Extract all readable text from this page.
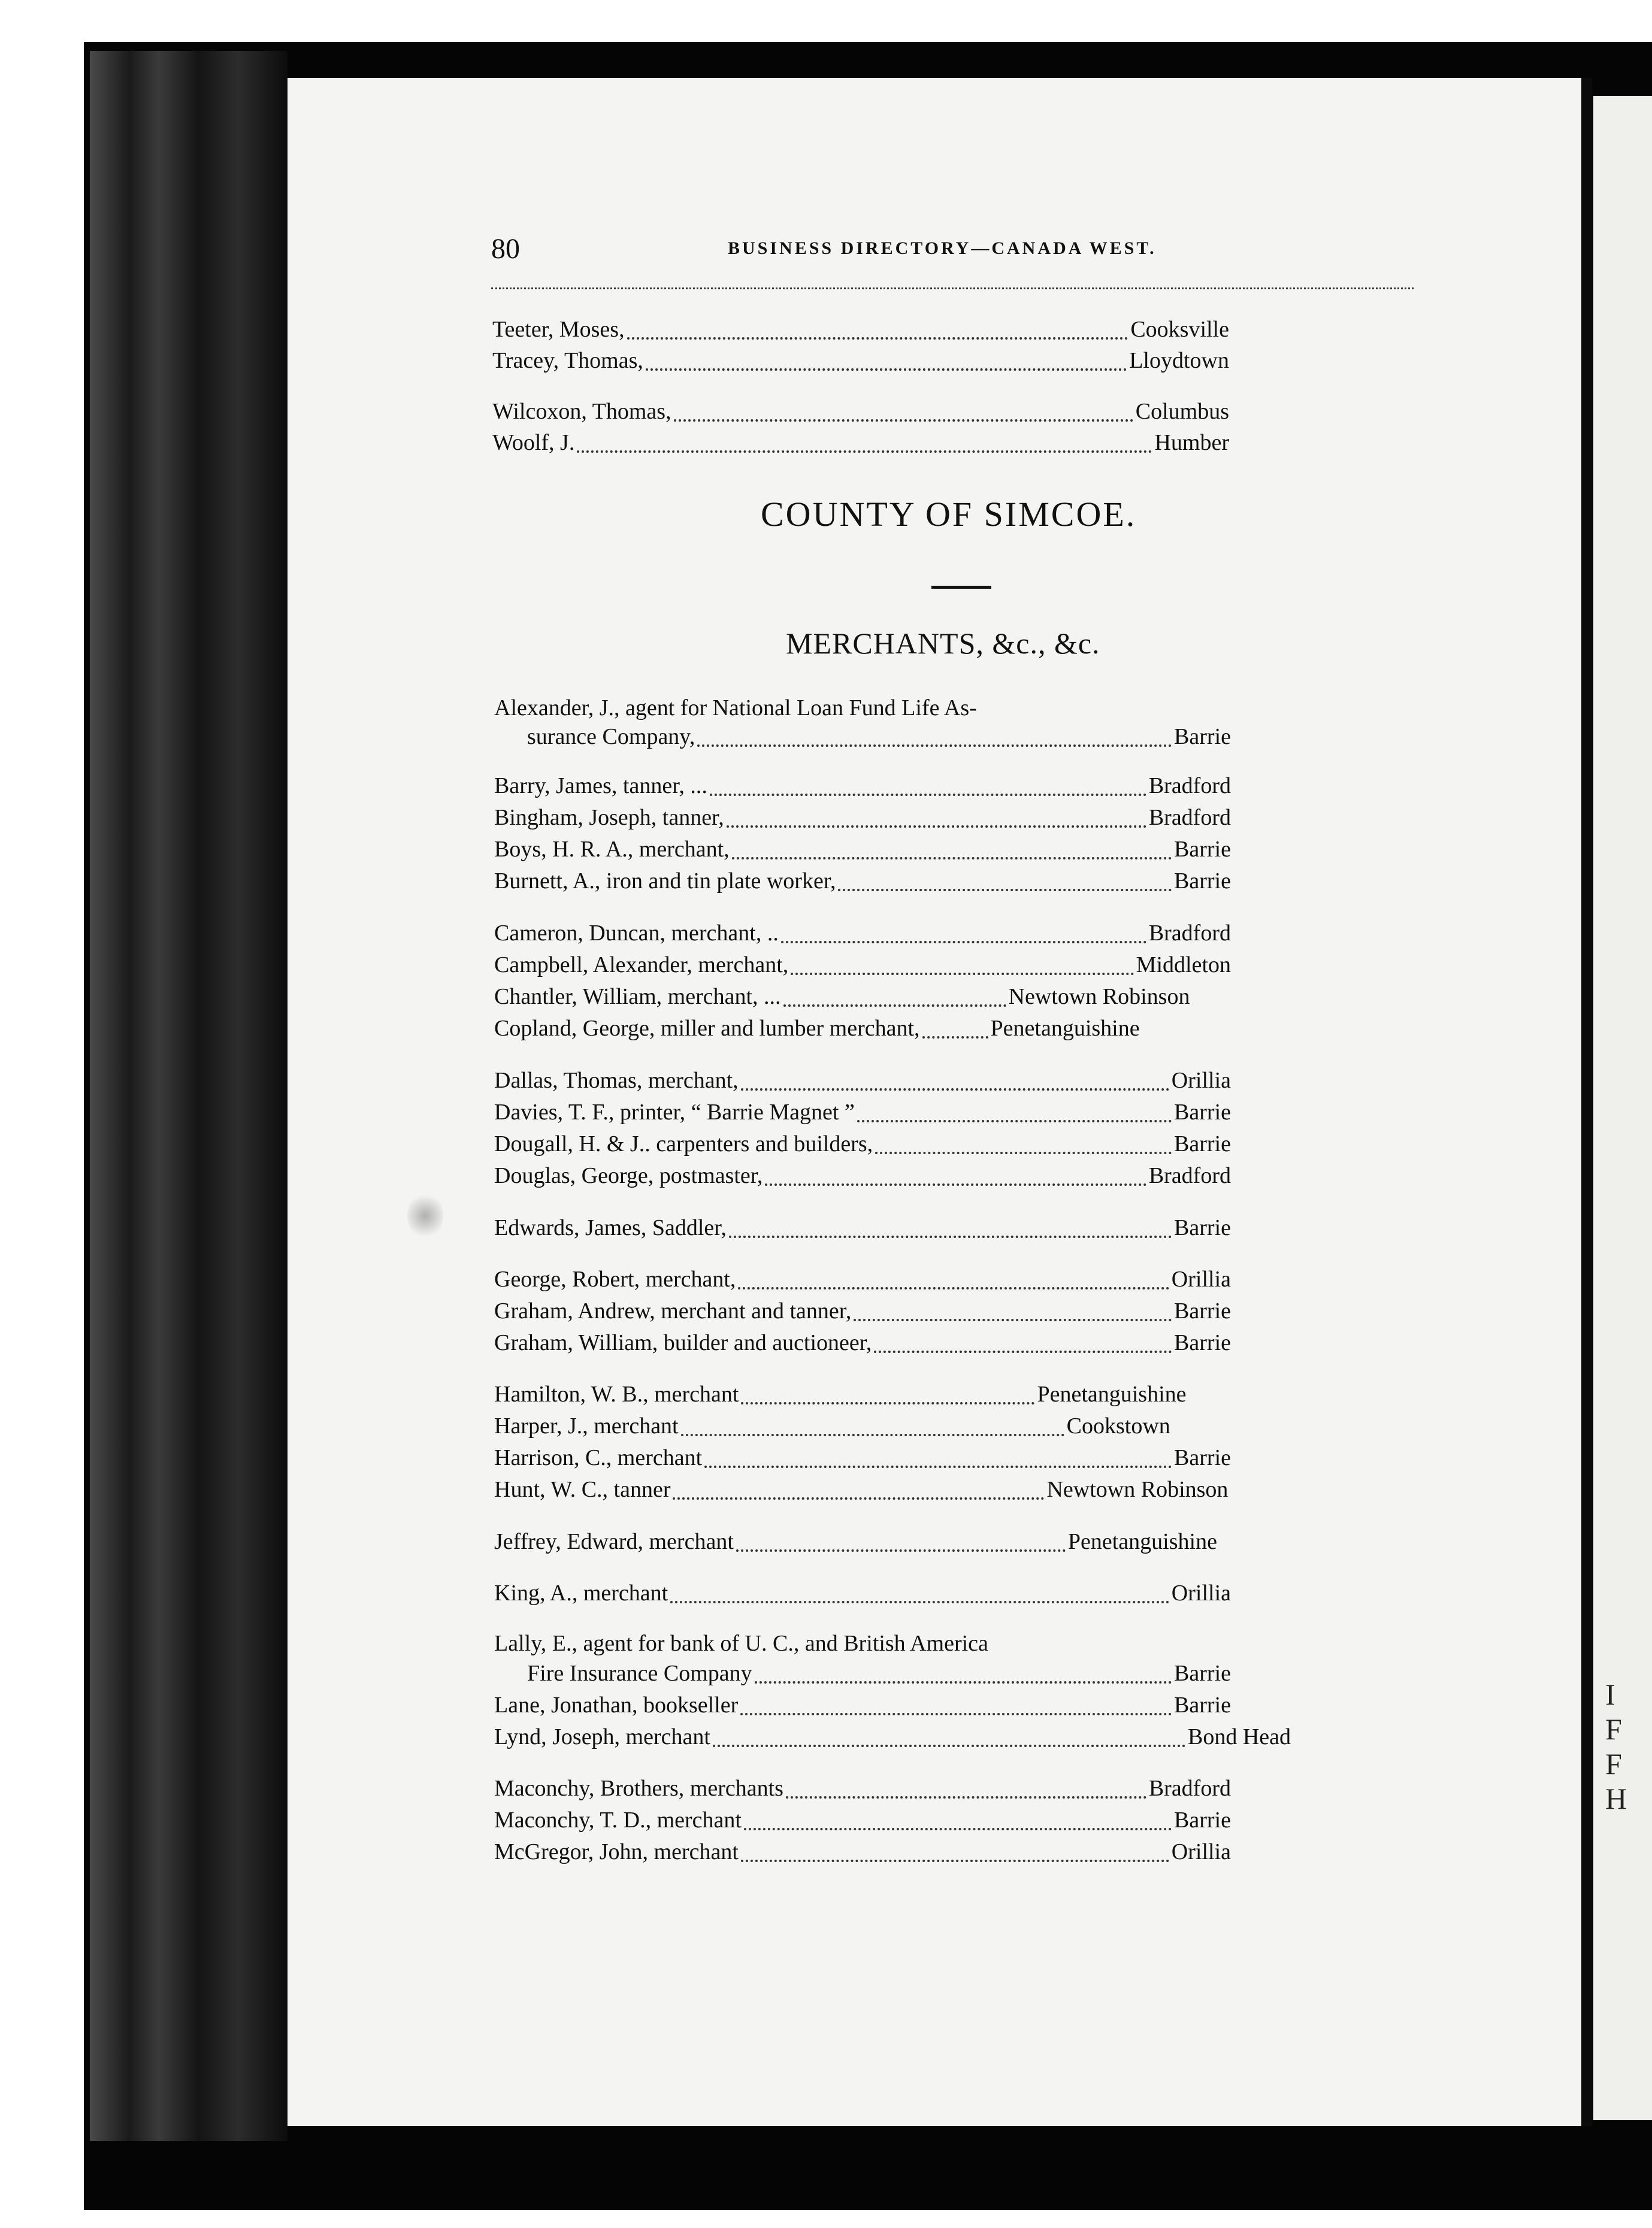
I
F
F
H
80	BUSINESS DIRECTORY—CANADA WEST.
Teeter, Moses,	Cooksville
Tracey, Thomas,	Lloydtown
Wilcoxon, Thomas,	Columbus
Woolf, J.	Humber
COUNTY OF SIMCOE.
MERCHANTS, &c., &c.
Alexander, J., agent for National Loan Fund Life As-
surance Company,	Barrie
Barry, James, tanner, ...	Bradford
Bingham, Joseph, tanner,	Bradford
Boys, H. R. A., merchant,	Barrie
Burnett, A., iron and tin plate worker,	Barrie
Cameron, Duncan, merchant, ..	Bradford
Campbell, Alexander, merchant,	Middleton
Chantler, William, merchant, ...	Newtown Robinson
Copland, George, miller and lumber merchant,	Penetanguishine
Dallas, Thomas, merchant,	Orillia
Davies, T. F., printer, “ Barrie Magnet ”	Barrie
Dougall, H. & J.. carpenters and builders,	Barrie
Douglas, George, postmaster,	Bradford
Edwards, James, Saddler,	Barrie
George, Robert, merchant,	Orillia
Graham, Andrew, merchant and tanner,	Barrie
Graham, William, builder and auctioneer,	Barrie
Hamilton, W. B., merchant	Penetanguishine
Harper, J., merchant	Cookstown
Harrison, C., merchant	Barrie
Hunt, W. C., tanner	Newtown Robinson
Jeffrey, Edward, merchant	Penetanguishine
King, A., merchant	Orillia
Lally, E., agent for bank of U. C., and British America
Fire Insurance Company	Barrie
Lane, Jonathan, bookseller	Barrie
Lynd, Joseph, merchant	Bond Head
Maconchy, Brothers, merchants	Bradford
Maconchy, T. D., merchant	Barrie
McGregor, John, merchant	Orillia
